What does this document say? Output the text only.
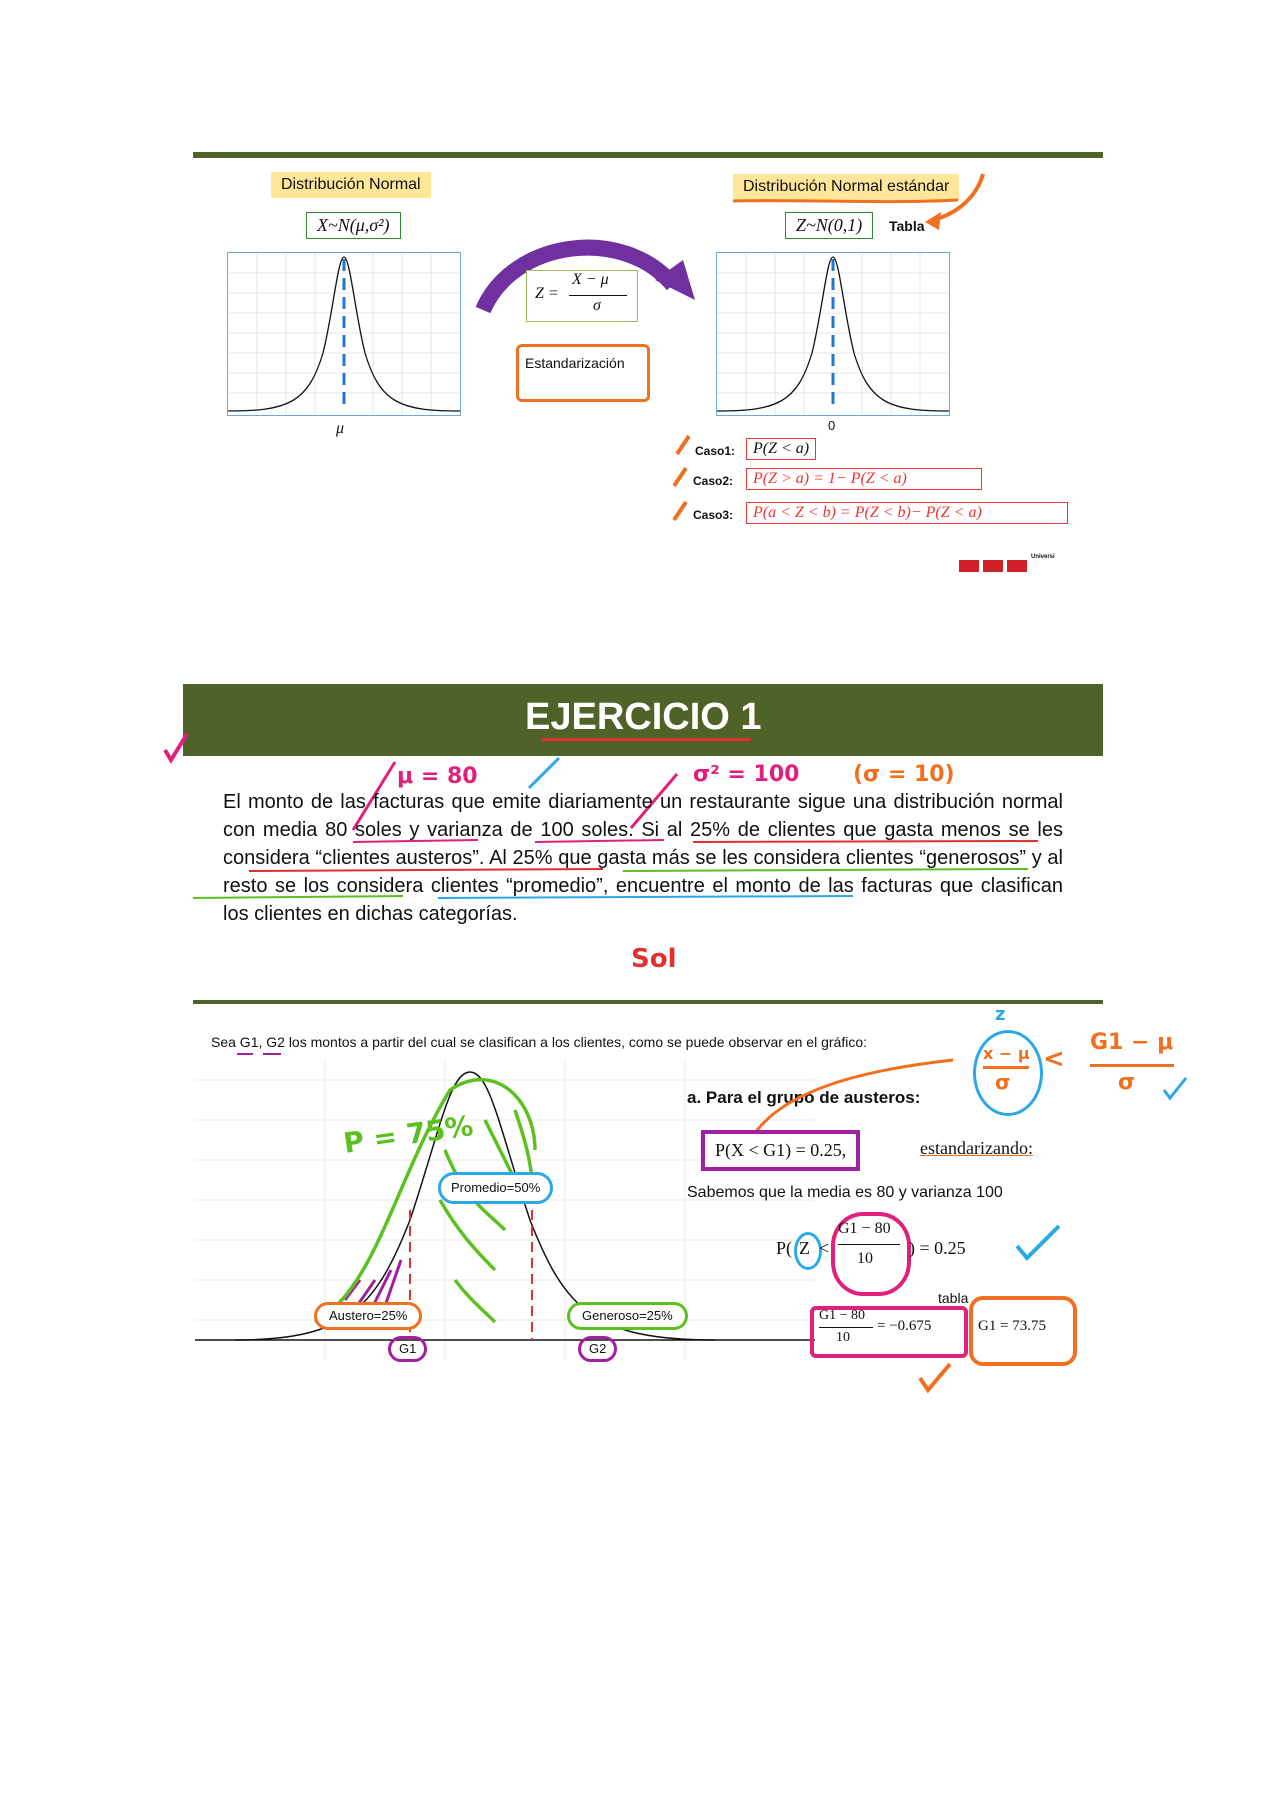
Distribución Normal
X~N(μ,σ²)
μ
Z =
X − μ
σ
Estandarización
Distribución Normal estándar
Z~N(0,1)	Tabla
0
Caso1:	P(Z < a)
Caso2:	P(Z > a) = 1− P(Z < a)
Caso3:	P(a < Z < b) = P(Z < b)− P(Z < a)
Universi
EJERCICIO 1
μ = 80	σ² = 100 (σ = 10)
El monto de las facturas que emite diariamente un restaurante sigue una distribución normal con media 80 soles y varianza de 100 soles. Si al 25% de clientes que gasta menos se les considera “clientes austeros”. Al 25% que gasta más se les considera clientes “generosos” y al resto se los considera clientes “promedio”, encuentre el monto de las facturas que clasifican los clientes en dichas categorías.
Sol
Sea G1, G2 los montos a partir del cual se clasifican a los clientes, como se puede observar en el gráfico:
P = 75%
Promedio=50%
Austero=25%	Generoso=25%
G1	G2
a. Para el grupo de austeros:
P(X < G1) = 0.25,	estandarizando:
Sabemos que la media es 80 y varianza 100
P( Z <
G1 − 80
10
) = 0.25
tabla
G1 − 80
10
= −0.675	G1 = 73.75
z
x − μ
σ
<
G1 − μ
σ
